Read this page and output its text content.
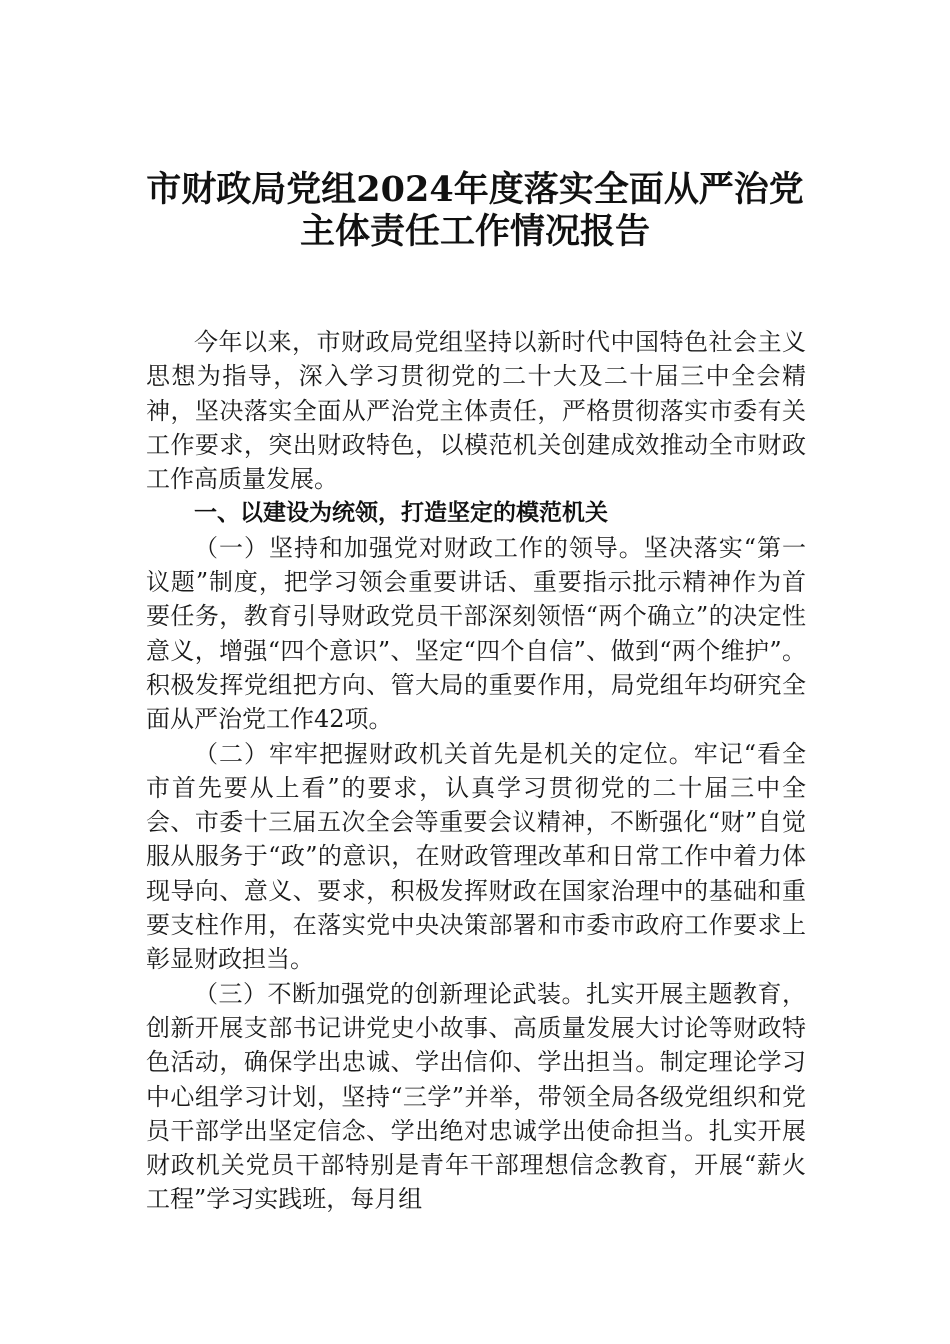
市财政局党组2024年度落实全面从严治党
主体责任工作情况报告

今年以来，市财政局党组坚持以新时代中国特色社会主义思想为指导，深入学习贯彻党的二十大及二十届三中全会精神，坚决落实全面从严治党主体责任，严格贯彻落实市委有关工作要求，突出财政特色，以模范机关创建成效推动全市财政工作高质量发展。

一、以建设为统领，打造坚定的模范机关

（一）坚持和加强党对财政工作的领导。坚决落实“第一议题”制度，把学习领会重要讲话、重要指示批示精神作为首要任务，教育引导财政党员干部深刻领悟“两个确立”的决定性意义，增强“四个意识”、坚定“四个自信”、做到“两个维护”。积极发挥党组把方向、管大局的重要作用，局党组年均研究全面从严治党工作42项。

（二）牢牢把握财政机关首先是机关的定位。牢记“看全市首先要从上看”的要求，认真学习贯彻党的二十届三中全会、市委十三届五次全会等重要会议精神，不断强化“财”自觉服从服务于“政”的意识，在财政管理改革和日常工作中着力体现导向、意义、要求，积极发挥财政在国家治理中的基础和重要支柱作用，在落实党中央决策部署和市委市政府工作要求上彰显财政担当。

（三）不断加强党的创新理论武装。扎实开展主题教育，创新开展支部书记讲党史小故事、高质量发展大讨论等财政特色活动，确保学出忠诚、学出信仰、学出担当。制定理论学习中心组学习计划，坚持“三学”并举，带领全局各级党组织和党员干部学出坚定信念、学出绝对忠诚学出使命担当。扎实开展财政机关党员干部特别是青年干部理想信念教育，开展“薪火工程”学习实践班，每月组
